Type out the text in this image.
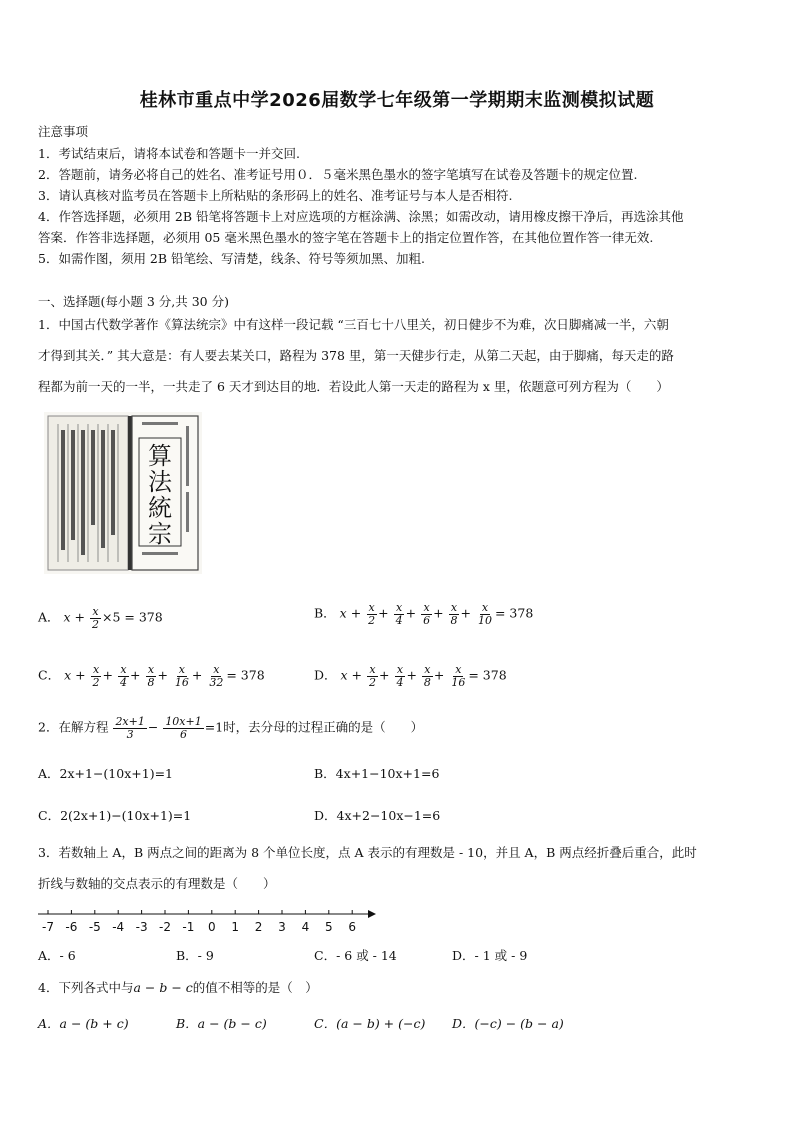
桂林市重点中学2026届数学七年级第一学期期末监测模拟试题
注意事项
1．考试结束后，请将本试卷和答题卡一并交回.
2．答题前，请务必将自己的姓名、准考证号用０．５毫米黑色墨水的签字笔填写在试卷及答题卡的规定位置.
3．请认真核对监考员在答题卡上所粘贴的条形码上的姓名、准考证号与本人是否相符.
4．作答选择题，必须用 2B 铅笔将答题卡上对应选项的方框涂满、涂黑；如需改动，请用橡皮擦干净后，再选涂其他
答案．作答非选择题，必须用 05 毫米黑色墨水的签字笔在答题卡上的指定位置作答，在其他位置作答一律无效.
5．如需作图，须用 2B 铅笔绘、写清楚，线条、符号等须加黑、加粗.
一、选择题(每小题 3 分,共 30 分)
1．中国古代数学著作《算法统宗》中有这样一段记载 “三百七十八里关，初日健步不为难，次日脚痛减一半，六朝
才得到其关．” 其大意是：有人要去某关口，路程为 378 里，第一天健步行走，从第二天起，由于脚痛，每天走的路
程都为前一天的一半，一共走了 6 天才到达目的地．若设此人第一天走的路程为 x 里，依题意可列方程为（　　）
算
法
統
宗
A． $x + \frac{x}{2} \times 5 = 378$	B． $x + \frac{x}{2} + \frac{x}{4} + \frac{x}{6} + \frac{x}{8} + \frac{x}{10} = 378$
C． $x + \frac{x}{2} + \frac{x}{4} + \frac{x}{8} + \frac{x}{16} + \frac{x}{32} = 378$	D． $x + \frac{x}{2} + \frac{x}{4} + \frac{x}{8} + \frac{x}{16} = 378$
2．在解方程 $\frac{2x+1}{3} - \frac{10x+1}{6} =1$时，去分母的过程正确的是（　　）
A．2x+1−(10x+1)=1	B．4x+1−10x+1=6
C．2(2x+1)−(10x+1)=1	D．4x+2−10x−1=6
3．若数轴上 A，B 两点之间的距离为 8 个单位长度，点 A 表示的有理数是 - 10，并且 A，B 两点经折叠后重合，此时
折线与数轴的交点表示的有理数是（　　）
-7 -6 -5 -4 -3 -2 -1 0 1 2 3 4 5 6
A．- 6	B．- 9	C．- 6 或 - 14	D．- 1 或 - 9
4．下列各式中与a − b − c的值不相等的是（　）
A．a − (b + c)	B．a − (b − c)	C．(a − b) + (−c) D．(−c) − (b − a)
